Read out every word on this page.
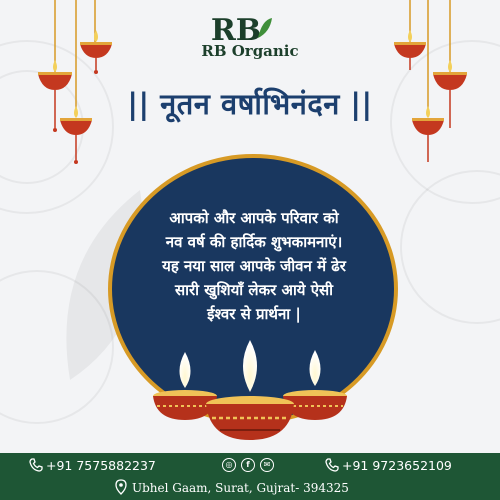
RB
RB Organic
|| नूतन वर्षाभिनंदन ||
आपको और आपके परिवार को
नव वर्ष की हार्दिक शुभकामनाएं।
यह नया साल आपके जीवन में ढेर
सारी खुशियाँ लेकर आये ऐसी
ईश्वर से प्रार्थना |
+91 7575882237	◎	f	✉	+91 9723652109
Ubhel Gaam, Surat, Gujrat- 394325
